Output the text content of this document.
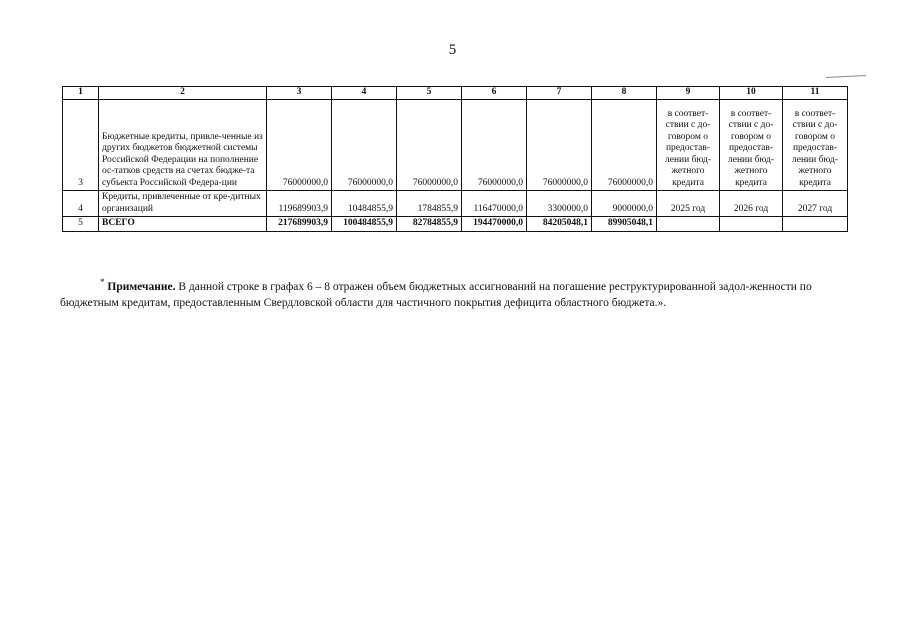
5
1	2	3	4	5	6	7	8	9	10	11
3	Бюджетные кредиты, привле-ченные из других бюджетов бюджетной системы Российской Федерации на пополнение ос-татков средств на счетах бюдже-та субъекта Российской Федера-ции	76000000,0	76000000,0	76000000,0	76000000,0	76000000,0	76000000,0	в соответ-ствии с до-говором о предостав-лении бюд-жетного кредита	в соответ-ствии с до-говором о предостав-лении бюд-жетного кредита	в соответ-ствии с до-говором о предостав-лении бюд-жетного кредита
4	Кредиты, привлеченные от кре-дитных организаций	119689903,9	10484855,9	1784855,9	116470000,0	3300000,0	9000000,0	2025 год	2026 год	2027 год
5	ВСЕГО	217689903,9	100484855,9	82784855,9	194470000,0	84205048,1	89905048,1			

* Примечание. В данной строке в графах 6 – 8 отражен объем бюджетных ассигнований на погашение реструктурированной задол-женности по бюджетным кредитам, предоставленным Свердловской области для частичного покрытия дефицита областного бюджета.».
